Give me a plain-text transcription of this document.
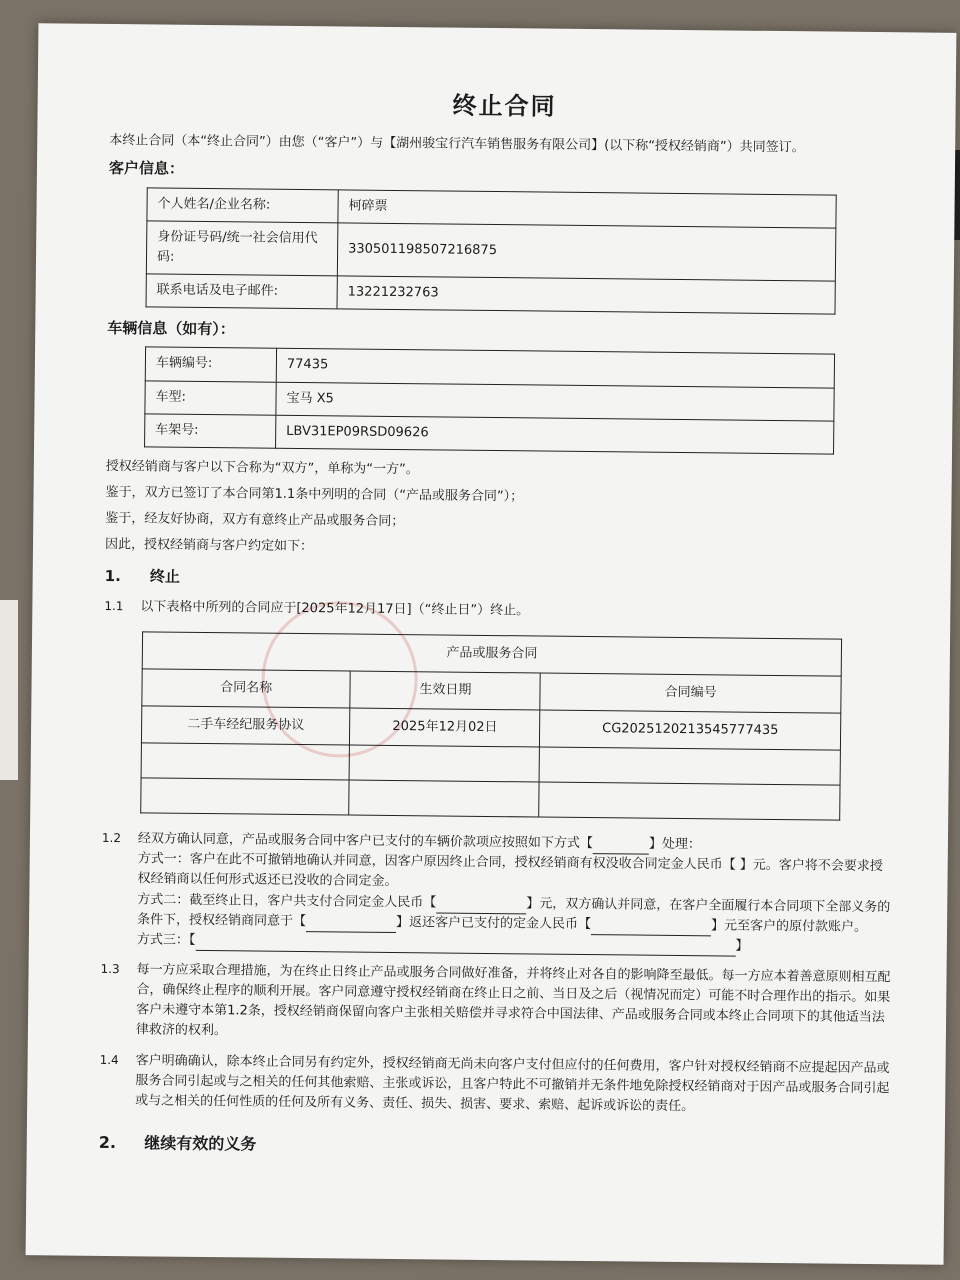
终止合同
本终止合同（本“终止合同”）由您（“客户”）与【湖州骏宝行汽车销售服务有限公司】(以下称“授权经销商”）共同签订。
客户信息：
个人姓名/企业名称:	柯碎票
身份证号码/统一社会信用代码:	330501198507216875
联系电话及电子邮件:	13221232763
车辆信息（如有）：
车辆编号:	77435
车型:	宝马 X5
车架号:	LBV31EP09RSD09626
授权经销商与客户以下合称为“双方”，单称为“一方”。
鉴于，双方已签订了本合同第1.1条中列明的合同（“产品或服务合同”）；
鉴于，经友好协商，双方有意终止产品或服务合同；
因此，授权经销商与客户约定如下：
1. 终止
1.1	以下表格中所列的合同应于[2025年12月17日]（“终止日”）终止。
产品或服务合同		
合同名称	生效日期	合同编号
二手车经纪服务协议	2025年12月02日	CG2025120213545777435

1.2	经双方确认同意，产品或服务合同中客户已支付的车辆价款项应按照如下方式【	】处理：
方式一：客户在此不可撤销地确认并同意，因客户原因终止合同，授权经销商有权没收合同定金人民币【 】元。客户将不会要求授权经销商以任何形式返还已没收的合同定金。
方式二：截至终止日，客户共支付合同定金人民币【	】元，双方确认并同意，在客户全面履行本合同项下全部义务的条件下，授权经销商同意于【	】返还客户已支付的定金人民币【	】元至客户的原付款账户。
方式三：【	】
1.3	每一方应采取合理措施，为在终止日终止产品或服务合同做好准备，并将终止对各自的影响降至最低。每一方应本着善意原则相互配合，确保终止程序的顺利开展。客户同意遵守授权经销商在终止日之前、当日及之后（视情况而定）可能不时合理作出的指示。如果客户未遵守本第1.2条，授权经销商保留向客户主张相关赔偿并寻求符合中国法律、产品或服务合同或本终止合同项下的其他适当法律救济的权利。
1.4	客户明确确认，除本终止合同另有约定外，授权经销商无尚未向客户支付但应付的任何费用，客户针对授权经销商不应提起因产品或服务合同引起或与之相关的任何其他索赔、主张或诉讼，且客户特此不可撤销并无条件地免除授权经销商对于因产品或服务合同引起或与之相关的任何性质的任何及所有义务、责任、损失、损害、要求、索赔、起诉或诉讼的责任。
2. 继续有效的义务
